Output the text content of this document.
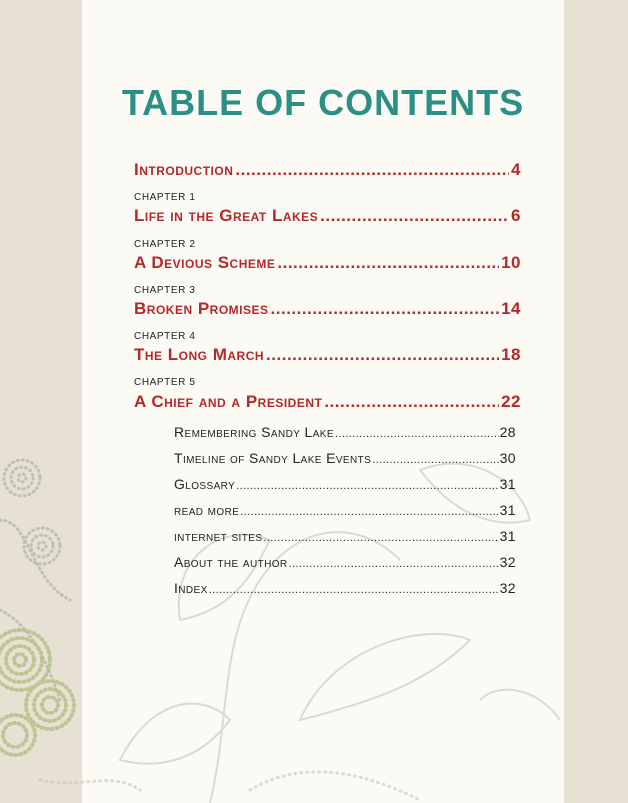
TABLE OF CONTENTS
Introduction .....	4
CHAPTER 1
Life in the Great Lakes .....	6
CHAPTER 2
A Devious Scheme .....	10
CHAPTER 3
Broken Promises .....	14
CHAPTER 4
The Long March .....	18
CHAPTER 5
A Chief and a President .....	22
Remembering Sandy Lake .....	28
Timeline of Sandy Lake Events .....	30
Glossary .....	31
read more .....	31
internet sites .....	31
About the author .....	32
Index .....	32
